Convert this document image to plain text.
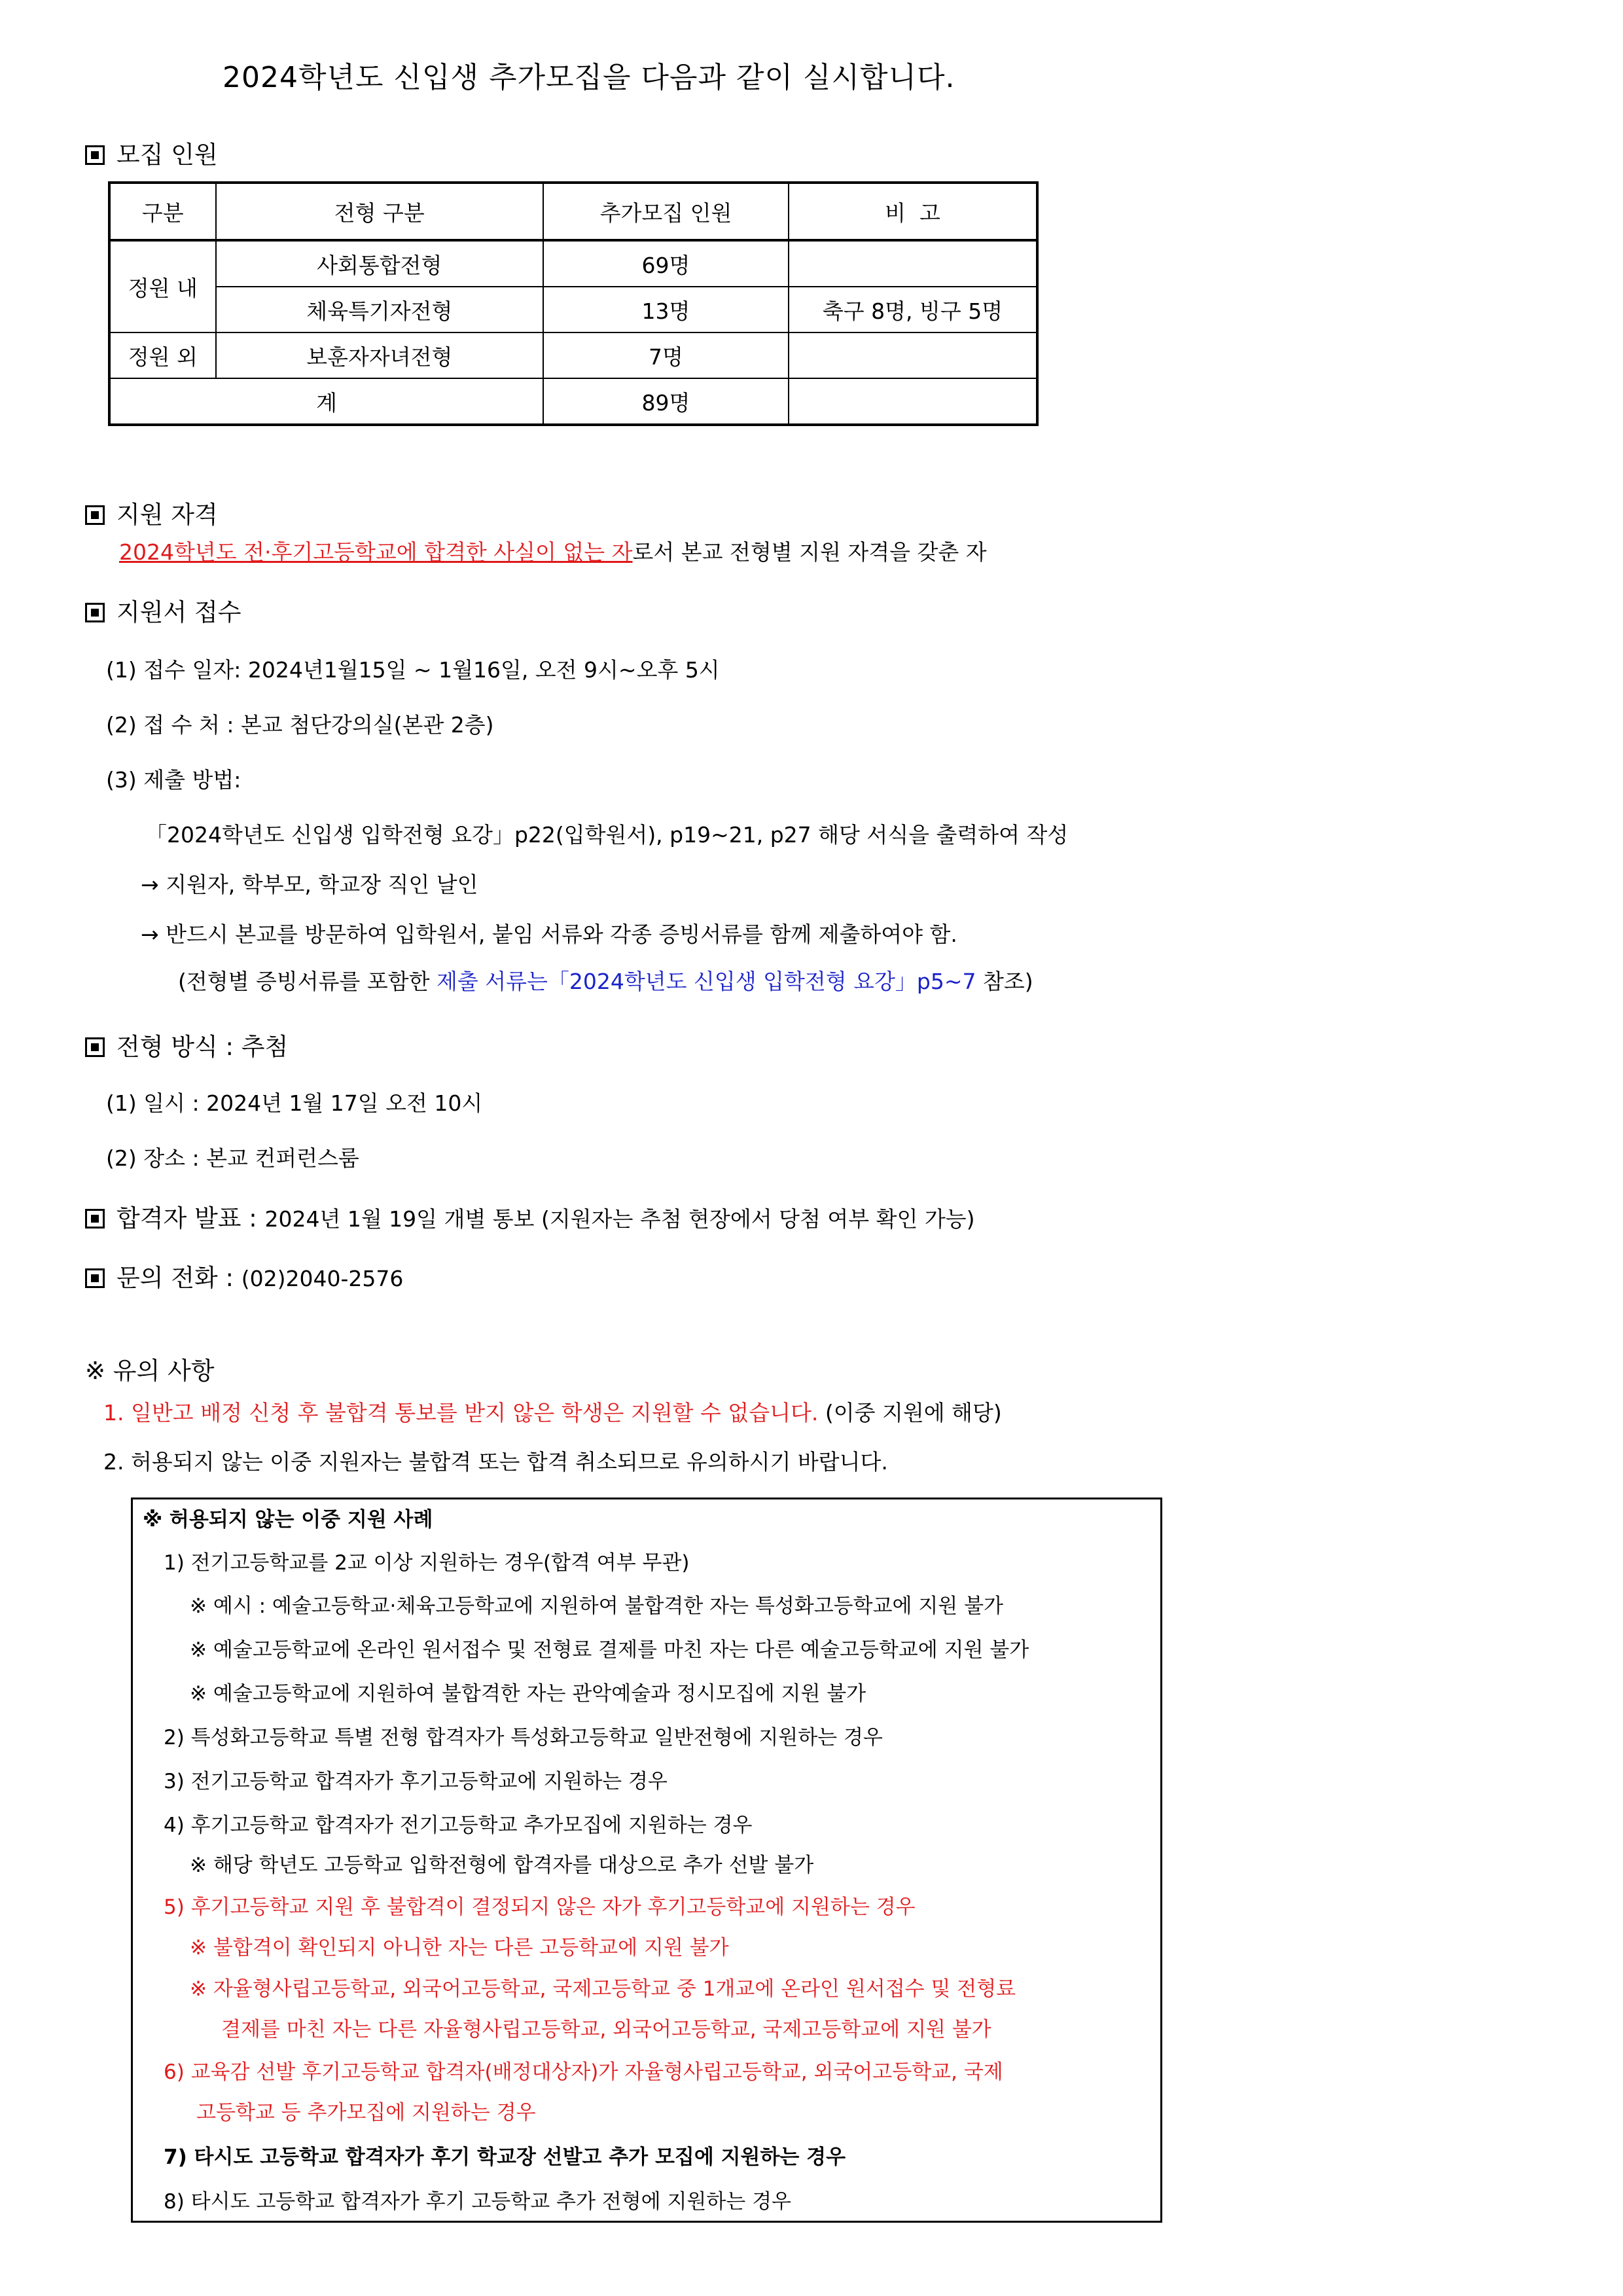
2024학년도 신입생 추가모집을 다음과 같이 실시합니다.
모집 인원
구분	전형 구분	추가모집 인원	비  고
정원 내	사회통합전형	69명	
	체육특기자전형	13명	축구 8명, 빙구 5명
정원 외	보훈자자녀전형	7명	
계		89명	
지원 자격
2024학년도 전·후기고등학교에 합격한 사실이 없는 자로서 본교 전형별 지원 자격을 갖춘 자
지원서 접수
(1) 접수 일자: 2024년1월15일 ~ 1월16일, 오전 9시~오후 5시
(2) 접 수 처 : 본교 첨단강의실(본관 2층)
(3) 제출 방법:
「2024학년도 신입생 입학전형 요강」p22(입학원서), p19~21, p27 해당 서식을 출력하여 작성
→ 지원자, 학부모, 학교장 직인 날인
→ 반드시 본교를 방문하여 입학원서, 붙임 서류와 각종 증빙서류를 함께 제출하여야 함.
(전형별 증빙서류를 포함한 제출 서류는「2024학년도 신입생 입학전형 요강」p5~7 참조)
전형 방식 : 추첨
(1) 일시 : 2024년 1월 17일 오전 10시
(2) 장소 : 본교 컨퍼런스룸
합격자 발표 : 2024년 1월 19일 개별 통보 (지원자는 추첨 현장에서 당첨 여부 확인 가능)
문의 전화 : (02)2040-2576
※ 유의 사항
1. 일반고 배정 신청 후 불합격 통보를 받지 않은 학생은 지원할 수 없습니다. (이중 지원에 해당)
2. 허용되지 않는 이중 지원자는 불합격 또는 합격 취소되므로 유의하시기 바랍니다.
※ 허용되지 않는 이중 지원 사례
1) 전기고등학교를 2교 이상 지원하는 경우(합격 여부 무관)
※ 예시 : 예술고등학교·체육고등학교에 지원하여 불합격한 자는 특성화고등학교에 지원 불가
※ 예술고등학교에 온라인 원서접수 및 전형료 결제를 마친 자는 다른 예술고등학교에 지원 불가
※ 예술고등학교에 지원하여 불합격한 자는 관악예술과 정시모집에 지원 불가
2) 특성화고등학교 특별 전형 합격자가 특성화고등학교 일반전형에 지원하는 경우
3) 전기고등학교 합격자가 후기고등학교에 지원하는 경우
4) 후기고등학교 합격자가 전기고등학교 추가모집에 지원하는 경우
※ 해당 학년도 고등학교 입학전형에 합격자를 대상으로 추가 선발 불가
5) 후기고등학교 지원 후 불합격이 결정되지 않은 자가 후기고등학교에 지원하는 경우
※ 불합격이 확인되지 아니한 자는 다른 고등학교에 지원 불가
※ 자율형사립고등학교, 외국어고등학교, 국제고등학교 중 1개교에 온라인 원서접수 및 전형료
결제를 마친 자는 다른 자율형사립고등학교, 외국어고등학교, 국제고등학교에 지원 불가
6) 교육감 선발 후기고등학교 합격자(배정대상자)가 자율형사립고등학교, 외국어고등학교, 국제
고등학교 등 추가모집에 지원하는 경우
7) 타시도 고등학교 합격자가 후기 학교장 선발고 추가 모집에 지원하는 경우
8) 타시도 고등학교 합격자가 후기 고등학교 추가 전형에 지원하는 경우
